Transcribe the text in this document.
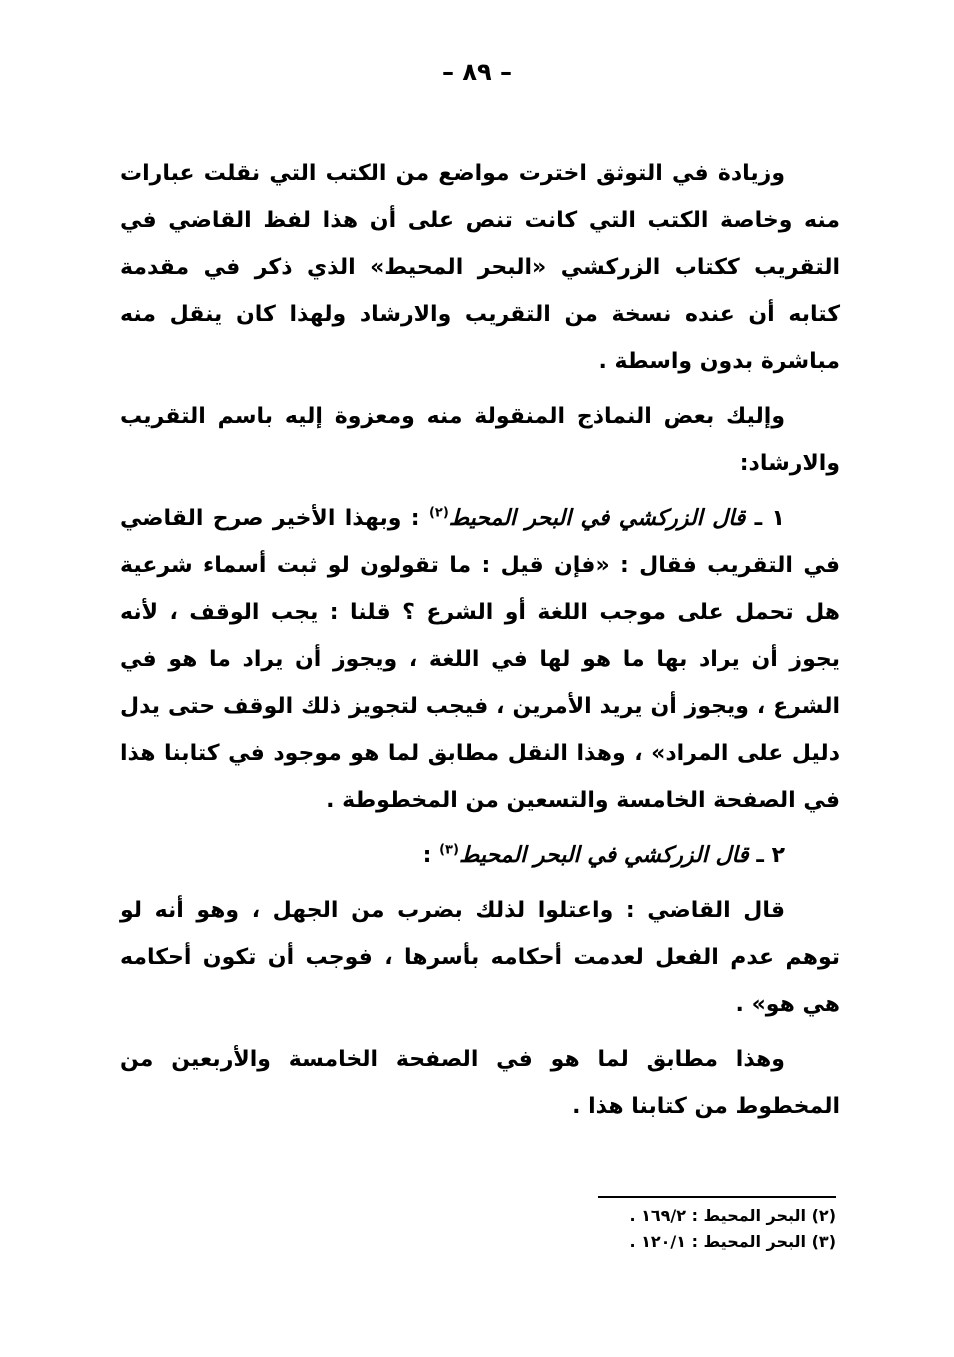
– ٨٩ –

وزيادة في التوثق اخترت مواضع من الكتب التي نقلت عبارات منه وخاصة الكتب التي كانت تنص على أن هذا لفظ القاضي في التقريب ككتاب الزركشي «البحر المحيط» الذي ذكر في مقدمة كتابه أن عنده نسخة من التقريب والارشاد ولهذا كان ينقل منه مباشرة بدون واسطة .

وإليك بعض النماذج المنقولة منه ومعزوة إليه باسم التقريب والارشاد:

١ ـ قال الزركشي في البحر المحيط$^{(٢)}$ : وبهذا الأخير صرح القاضي في التقريب فقال : «فإن قيل : ما تقولون لو ثبت أسماء شرعية هل تحمل على موجب اللغة أو الشرع ؟ قلنا : يجب الوقف ، لأنه يجوز أن يراد بها ما هو لها في اللغة ، ويجوز أن يراد ما هو في الشرع ، ويجوز أن يريد الأمرين ، فيجب لتجويز ذلك الوقف حتى يدل دليل على المراد» ، وهذا النقل مطابق لما هو موجود في كتابنا هذا في الصفحة الخامسة والتسعين من المخطوطة .

٢ ـ قال الزركشي في البحر المحيط$^{(٣)}$ :

قال القاضي : واعتلوا لذلك بضرب من الجهل ، وهو أنه لو توهم عدم الفعل لعدمت أحكامه بأسرها ، فوجب أن تكون أحكامه هي هو» .

وهذا مطابق لما هو في الصفحة الخامسة والأربعين من المخطوط من كتابنا هذا .

(٢) البحر المحيط : ١٦٩/٢ .
(٣) البحر المحيط : ١٢٠/١ .
